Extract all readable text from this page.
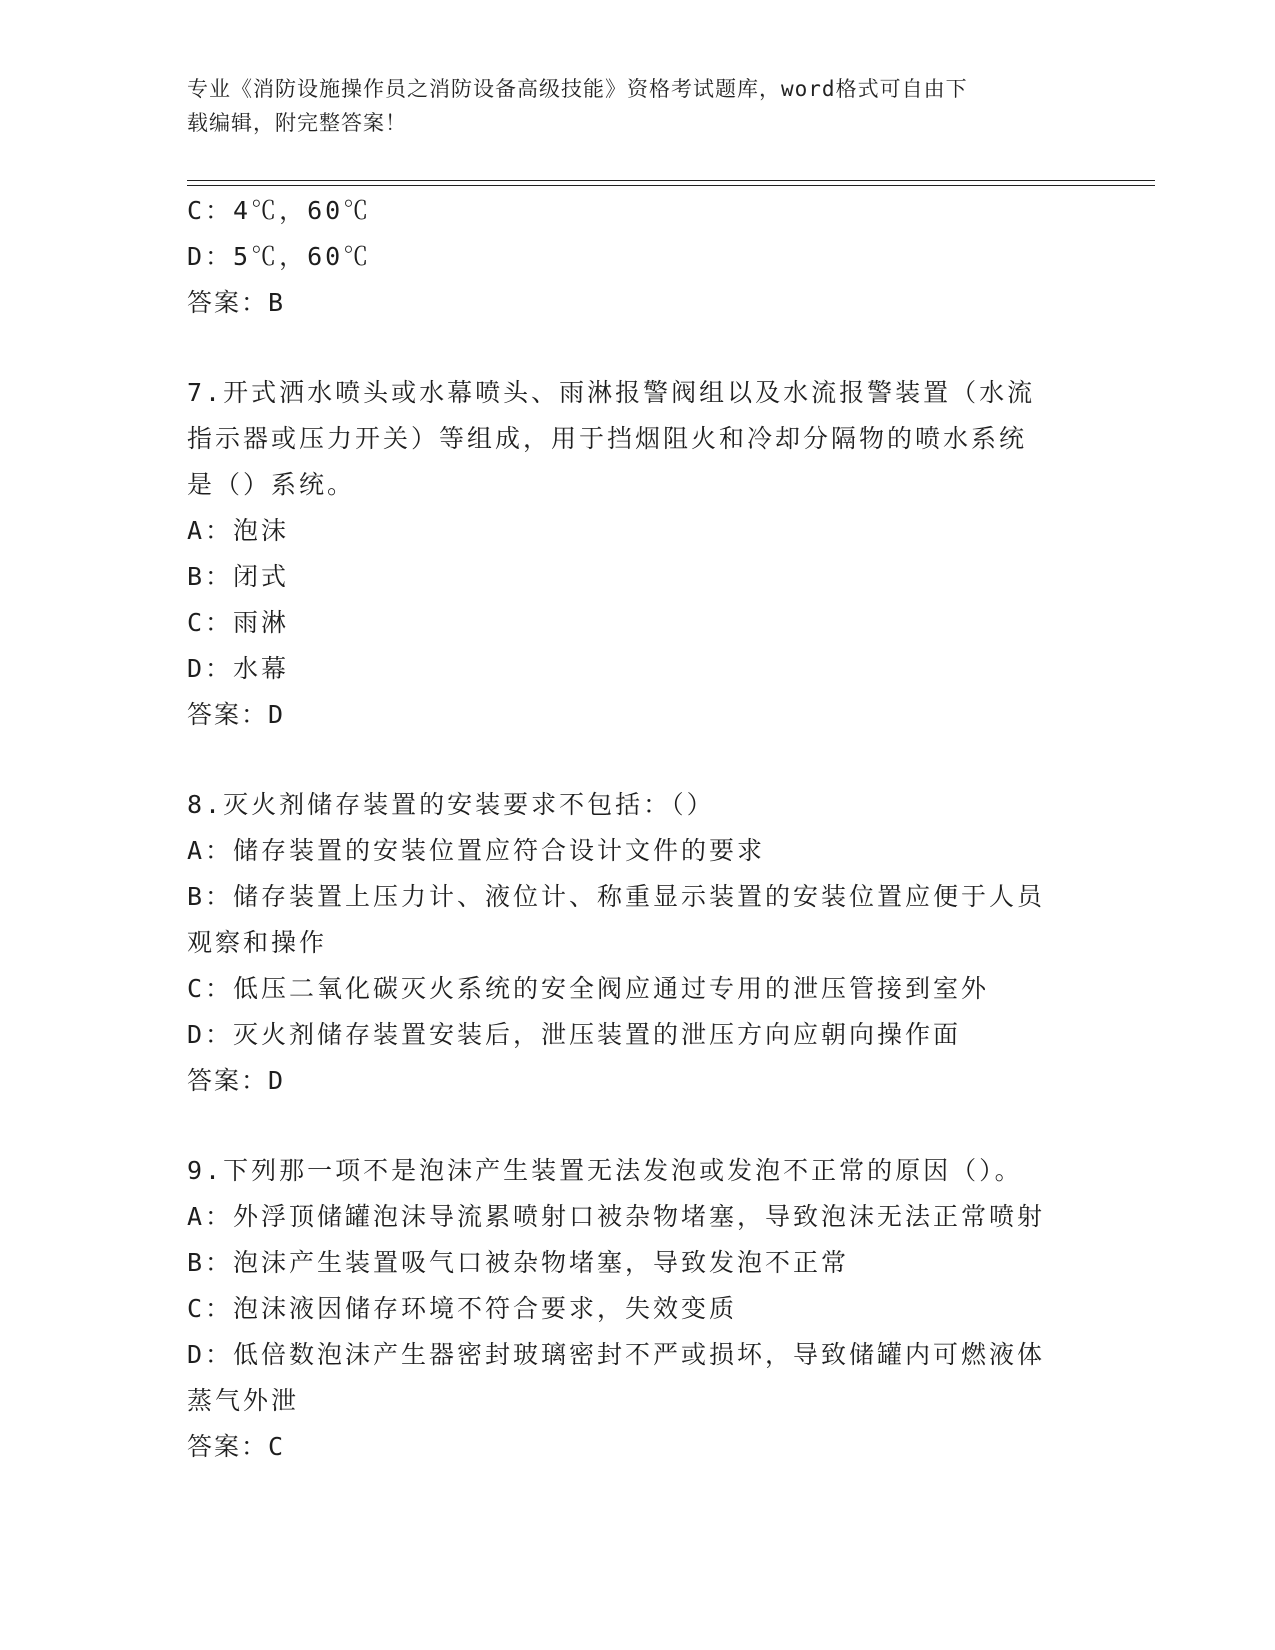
专业《消防设施操作员之消防设备高级技能》资格考试题库，word格式可自由下
载编辑，附完整答案！

C：4℃，60℃

D：5℃，60℃

答案：B

7.开式洒水喷头或水幕喷头、雨淋报警阀组以及水流报警装置（水流

指示器或压力开关）等组成，用于挡烟阻火和冷却分隔物的喷水系统

是（）系统。

A：泡沫

B：闭式

C：雨淋

D：水幕

答案：D

8.灭火剂储存装置的安装要求不包括：（）

A：储存装置的安装位置应符合设计文件的要求

B：储存装置上压力计、液位计、称重显示装置的安装位置应便于人员

观察和操作

C：低压二氧化碳灭火系统的安全阀应通过专用的泄压管接到室外

D：灭火剂储存装置安装后，泄压装置的泄压方向应朝向操作面

答案：D

9.下列那一项不是泡沫产生装置无法发泡或发泡不正常的原因（）。

A：外浮顶储罐泡沫导流累喷射口被杂物堵塞，导致泡沫无法正常喷射

B：泡沫产生装置吸气口被杂物堵塞，导致发泡不正常

C：泡沫液因储存环境不符合要求，失效变质

D：低倍数泡沫产生器密封玻璃密封不严或损坏，导致储罐内可燃液体

蒸气外泄

答案：C
